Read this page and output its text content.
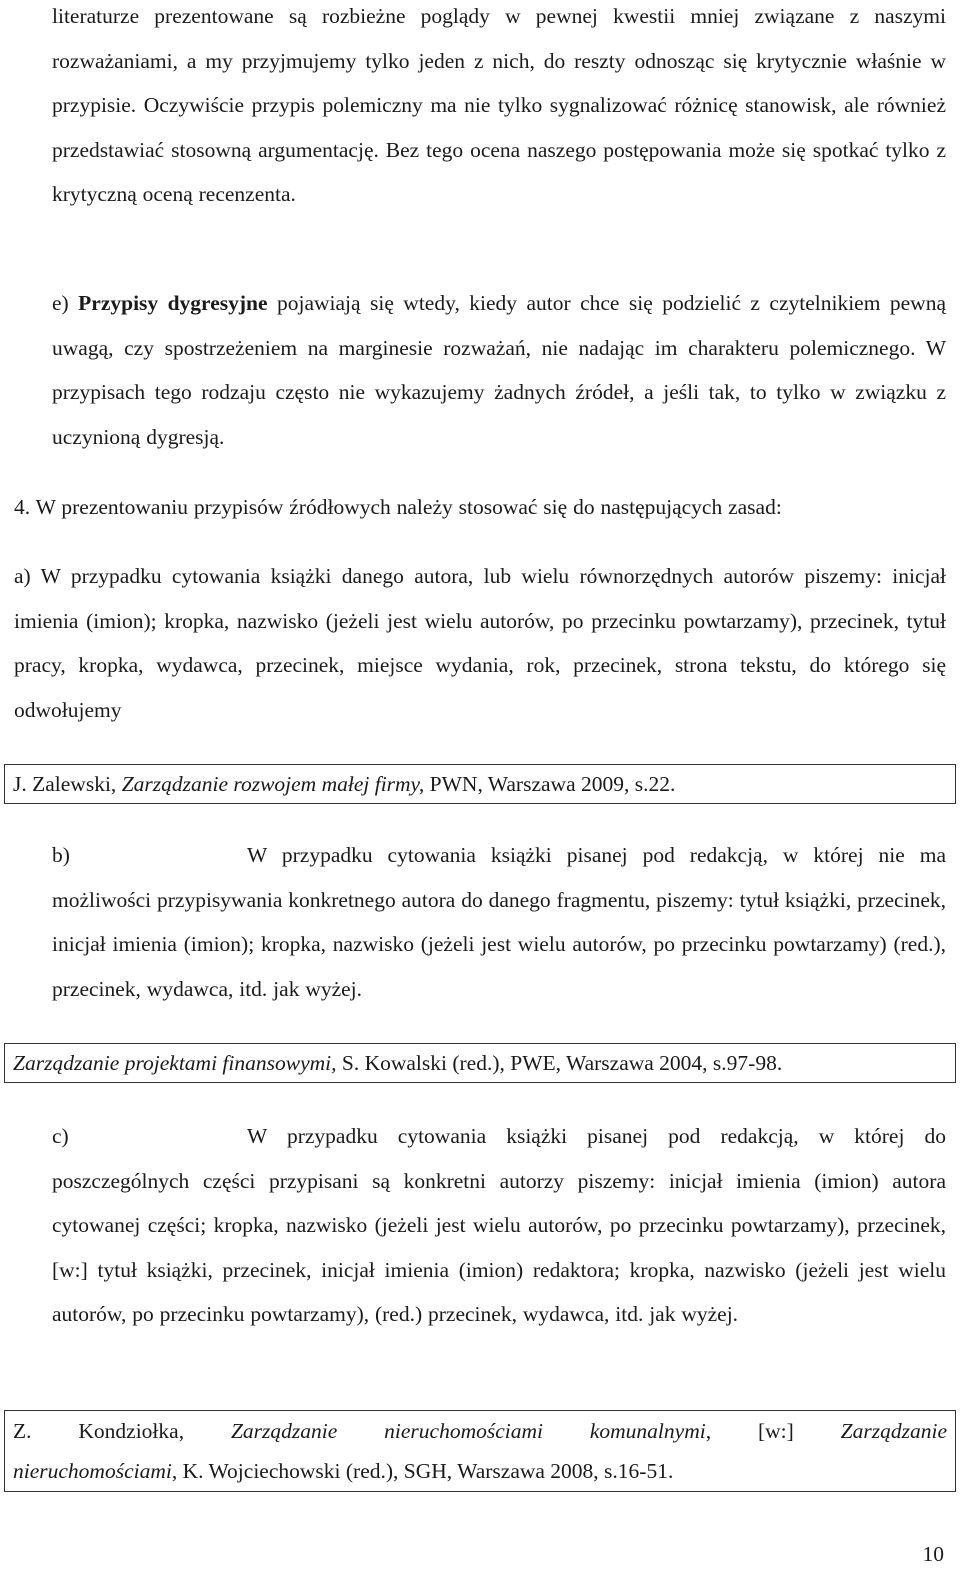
literaturze prezentowane są rozbieżne poglądy w pewnej kwestii mniej związane z naszymi rozważaniami, a my przyjmujemy tylko jeden z nich, do reszty odnosząc się krytycznie właśnie w przypisie. Oczywiście przypis polemiczny ma nie tylko sygnalizować różnicę stanowisk, ale również przedstawiać stosowną argumentację. Bez tego ocena naszego postępowania może się spotkać tylko z krytyczną oceną recenzenta.

e) Przypisy dygresyjne pojawiają się wtedy, kiedy autor chce się podzielić z czytelnikiem pewną uwagą, czy spostrzeżeniem na marginesie rozważań, nie nadając im charakteru polemicznego. W przypisach tego rodzaju często nie wykazujemy żadnych źródeł, a jeśli tak, to tylko w związku z uczynioną dygresją.

4. W prezentowaniu przypisów źródłowych należy stosować się do następujących zasad:

a) W przypadku cytowania książki danego autora, lub wielu równorzędnych autorów piszemy: inicjał imienia (imion); kropka, nazwisko (jeżeli jest wielu autorów, po przecinku powtarzamy), przecinek, tytuł pracy, kropka, wydawca, przecinek, miejsce wydania, rok, przecinek, strona tekstu, do którego się odwołujemy

J. Zalewski, Zarządzanie rozwojem małej firmy, PWN, Warszawa 2009, s.22.

b)	W przypadku cytowania książki pisanej pod redakcją, w której nie ma możliwości przypisywania konkretnego autora do danego fragmentu, piszemy: tytuł książki, przecinek, inicjał imienia (imion); kropka, nazwisko (jeżeli jest wielu autorów, po przecinku powtarzamy) (red.), przecinek, wydawca, itd. jak wyżej.

Zarządzanie projektami finansowymi, S. Kowalski (red.), PWE, Warszawa 2004, s.97-98.

c)	W przypadku cytowania książki pisanej pod redakcją, w której do poszczególnych części przypisani są konkretni autorzy piszemy: inicjał imienia (imion) autora cytowanej części; kropka, nazwisko (jeżeli jest wielu autorów, po przecinku powtarzamy), przecinek, [w:] tytuł książki, przecinek, inicjał imienia (imion) redaktora; kropka, nazwisko (jeżeli jest wielu autorów, po przecinku powtarzamy), (red.) przecinek, wydawca, itd. jak wyżej.

Z. Kondziołka, Zarządzanie nieruchomościami komunalnymi, [w:] Zarządzanie
nieruchomościami, K. Wojciechowski (red.), SGH, Warszawa 2008, s.16-51.
10
